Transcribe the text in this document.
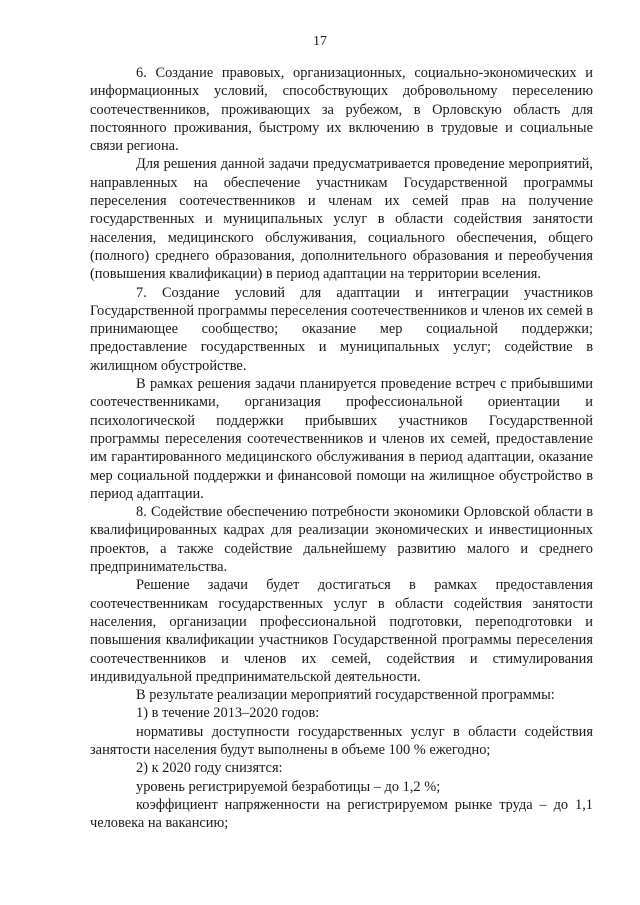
17

6. Создание правовых, организационных, социально-экономических и информационных условий, способствующих добровольному переселению соотечественников, проживающих за рубежом, в Орловскую область для постоянного проживания, быстрому их включению в трудовые и социальные связи региона.

Для решения данной задачи предусматривается проведение мероприятий, направленных на обеспечение участникам Государственной программы переселения соотечественников и членам их семей прав на получение государственных и муниципальных услуг в области содействия занятости населения, медицинского обслуживания, социального обеспечения, общего (полного) среднего образования, дополнительного образования и переобучения (повышения квалификации) в период адаптации на территории вселения.

7. Создание условий для адаптации и интеграции участников Государственной программы переселения соотечественников и членов их семей в принимающее сообщество; оказание мер социальной поддержки; предоставление государственных и муниципальных услуг; содействие в жилищном обустройстве.

В рамках решения задачи планируется проведение встреч с прибывшими соотечественниками, организация профессиональной ориентации и психологической поддержки прибывших участников Государственной программы переселения соотечественников и членов их семей, предоставление им гарантированного медицинского обслуживания в период адаптации, оказание мер социальной поддержки и финансовой помощи на жилищное обустройство в период адаптации.

8. Содействие обеспечению потребности экономики Орловской области в квалифицированных кадрах для реализации экономических и инвестиционных проектов, а также содействие дальнейшему развитию малого и среднего предпринимательства.

Решение задачи будет достигаться в рамках предоставления соотечественникам государственных услуг в области содействия занятости населения, организации профессиональной подготовки, переподготовки и повышения квалификации участников Государственной программы переселения соотечественников и членов их семей, содействия и стимулирования индивидуальной предпринимательской деятельности.

В результате реализации мероприятий государственной программы:

1) в течение 2013–2020 годов:

нормативы доступности государственных услуг в области содействия занятости населения будут выполнены в объеме 100 % ежегодно;

2) к 2020 году снизятся:

уровень регистрируемой безработицы – до 1,2 %;

коэффициент напряженности на регистрируемом рынке труда – до 1,1 человека на вакансию;
